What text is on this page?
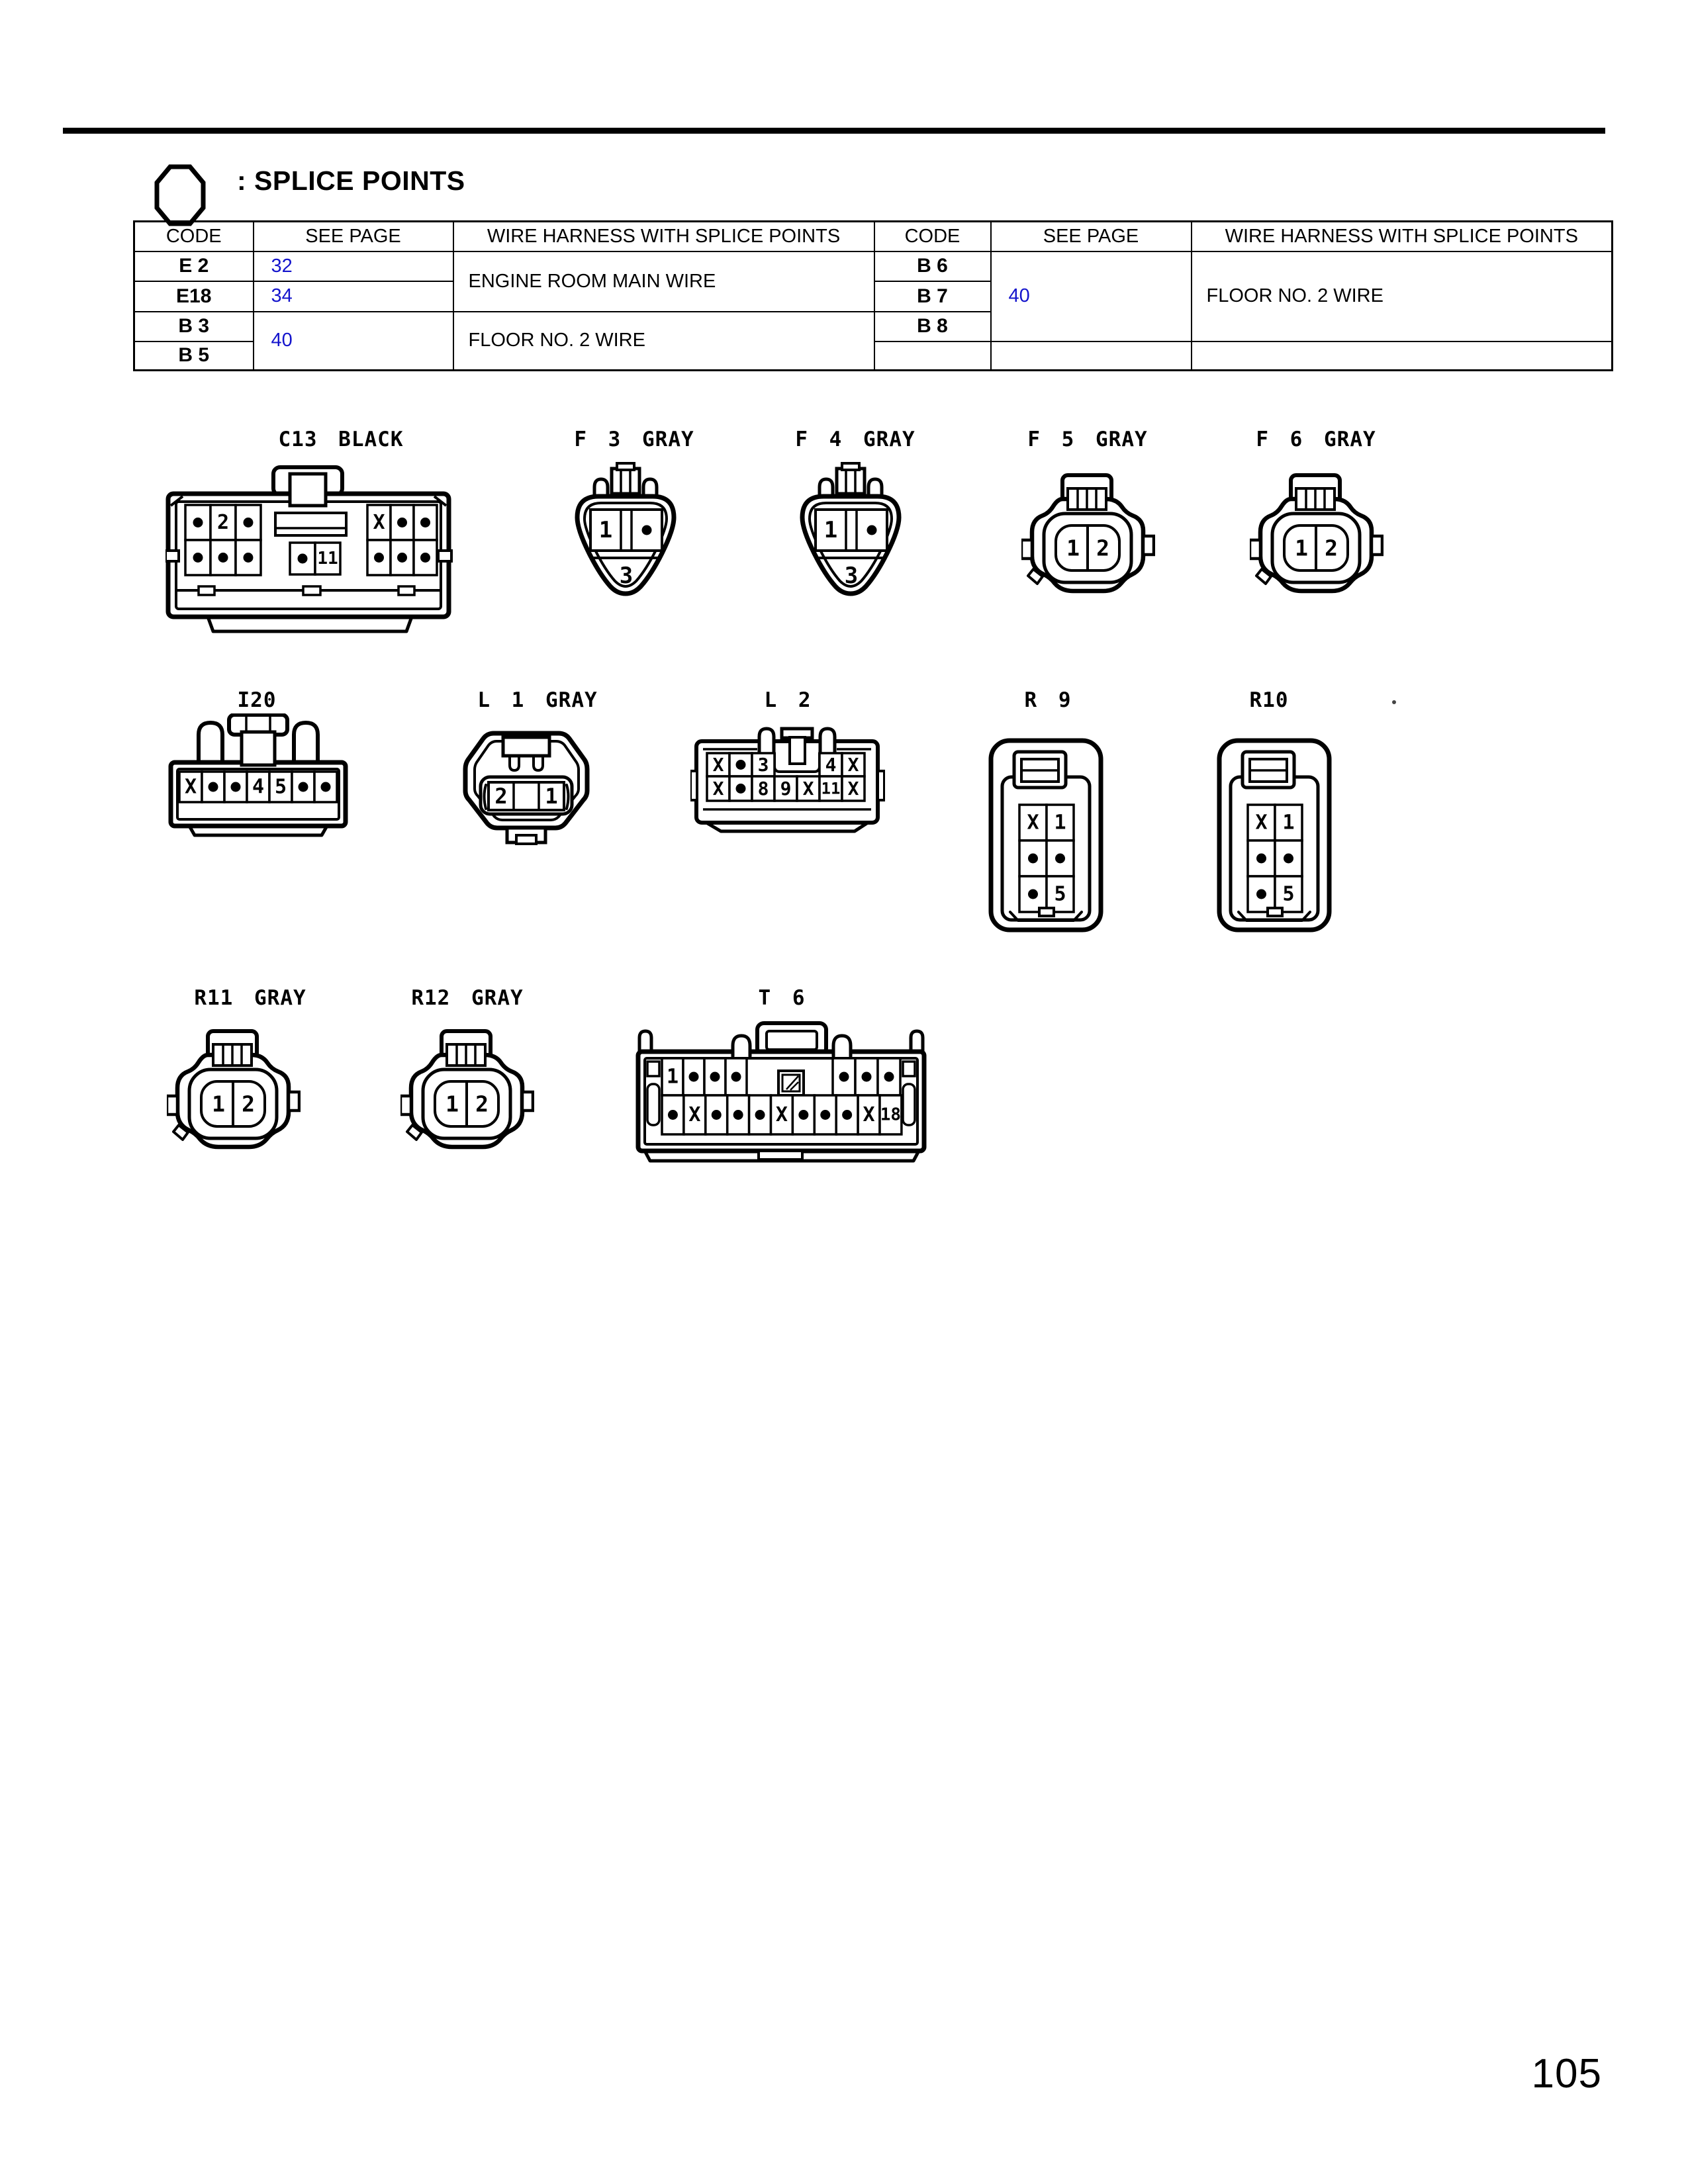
: SPLICE POINTS
CODE	SEE PAGE	WIRE HARNESS WITH SPLICE POINTS	CODE	SEE PAGE	WIRE HARNESS WITH SPLICE POINTS
E 2	32	ENGINE ROOM MAIN WIRE	B 6	40	FLOOR NO. 2 WIRE
E18	34		B 7		
B 3	40	FLOOR NO. 2 WIRE	B 8		
B 5					
C13 BLACK
2	X
11
F 3 GRAY
1
3
F 4 GRAY
1
3
F 5 GRAY
1 2
F 6 GRAY
1 2
I20
X	4 5
L 1 GRAY
2 1
L 2
X 3	4 X
X 8 9 X 11 X
R 9
X 1
5
R10
X 1
5
R11 GRAY
1 2
R12 GRAY
1 2
T 6
1
X	X	X 18
105
